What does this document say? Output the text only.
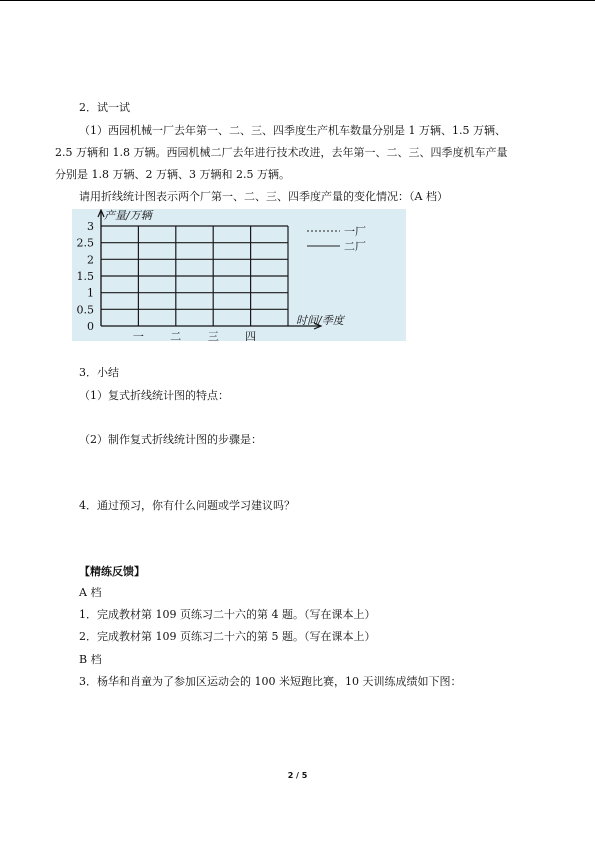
2．试一试
（1）西园机械一厂去年第一、二、三、四季度生产机车数量分别是 1 万辆、1.5 万辆、
2.5 万辆和 1.8 万辆。西园机械二厂去年进行技术改进，去年第一、二、三、四季度机车产量
分别是 1.8 万辆、2 万辆、3 万辆和 2.5 万辆。
请用折线统计图表示两个厂第一、二、三、四季度产量的变化情况：（A 档）
0
0.5
1
1.5
2
2.5
3
产量/万辆
时间/季度
一 二 三 四
一厂
二厂
3．小结
（1）复式折线统计图的特点：
（2）制作复式折线统计图的步骤是：
4．通过预习，你有什么问题或学习建议吗？
【精练反馈】
A 档
1．完成教材第 109 页练习二十六的第 4 题。（写在课本上）
2．完成教材第 109 页练习二十六的第 5 题。（写在课本上）
B 档
3．杨华和肖童为了参加区运动会的 100 米短跑比赛，10 天训练成绩如下图：
2 / 5
